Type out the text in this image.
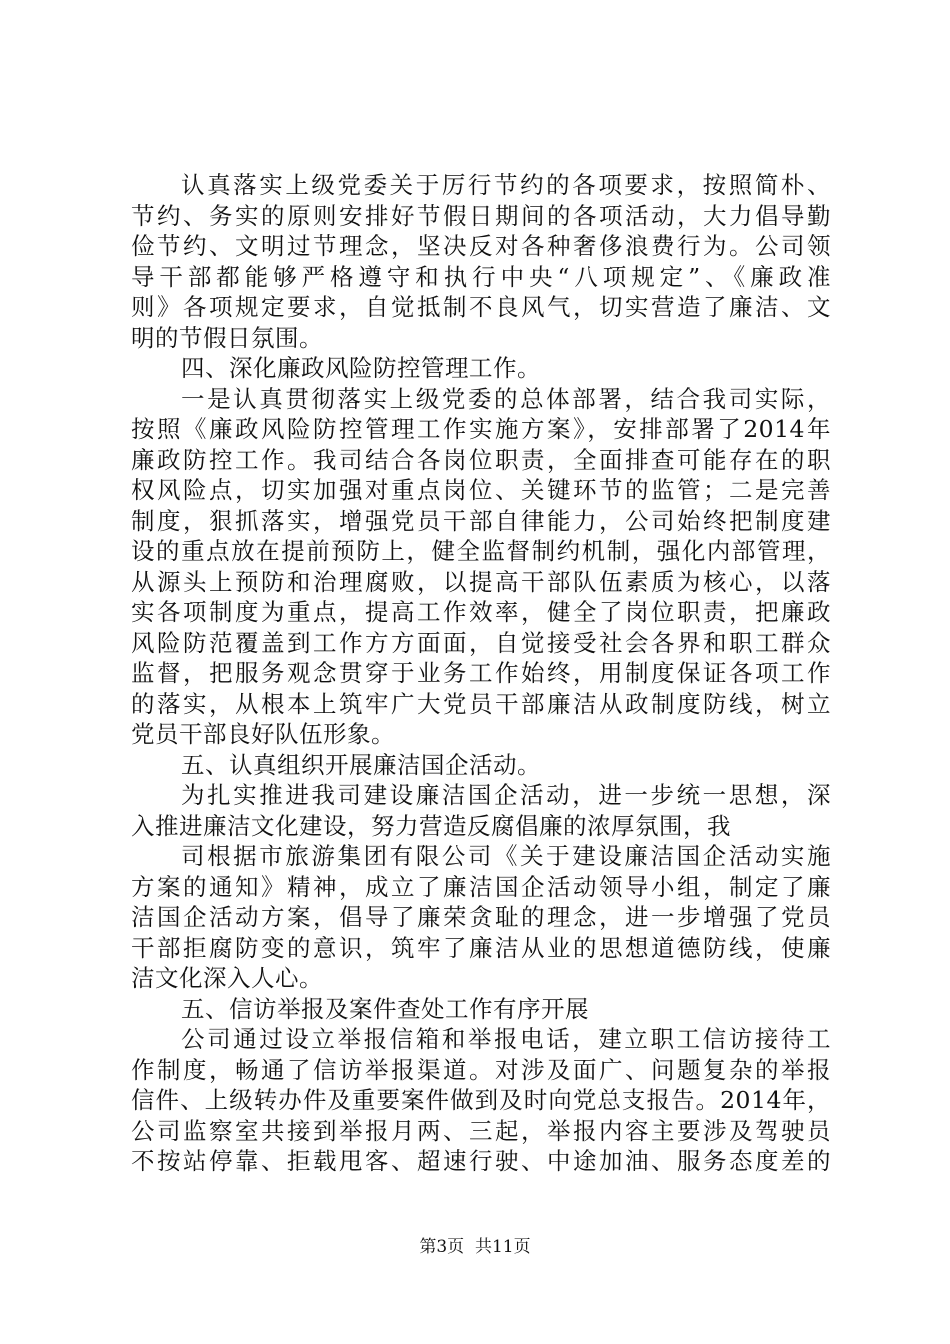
认真落实上级党委关于厉行节约的各项要求，按照简朴、
节约、务实的原则安排好节假日期间的各项活动，大力倡导勤
俭节约、文明过节理念，坚决反对各种奢侈浪费行为。公司领
导干部都能够严格遵守和执行中央“八项规定”、《廉政准
则》各项规定要求，自觉抵制不良风气，切实营造了廉洁、文
明的节假日氛围。
四、深化廉政风险防控管理工作。
一是认真贯彻落实上级党委的总体部署，结合我司实际，
按照《廉政风险防控管理工作实施方案》，安排部署了2014年
廉政防控工作。我司结合各岗位职责，全面排查可能存在的职
权风险点，切实加强对重点岗位、关键环节的监管；二是完善
制度，狠抓落实，增强党员干部自律能力，公司始终把制度建
设的重点放在提前预防上，健全监督制约机制，强化内部管理，
从源头上预防和治理腐败，以提高干部队伍素质为核心，以落
实各项制度为重点，提高工作效率，健全了岗位职责，把廉政
风险防范覆盖到工作方方面面，自觉接受社会各界和职工群众
监督，把服务观念贯穿于业务工作始终，用制度保证各项工作
的落实，从根本上筑牢广大党员干部廉洁从政制度防线，树立
党员干部良好队伍形象。
五、认真组织开展廉洁国企活动。
为扎实推进我司建设廉洁国企活动，进一步统一思想，深
入推进廉洁文化建设，努力营造反腐倡廉的浓厚氛围，我
司根据市旅游集团有限公司《关于建设廉洁国企活动实施
方案的通知》精神，成立了廉洁国企活动领导小组，制定了廉
洁国企活动方案，倡导了廉荣贪耻的理念，进一步增强了党员
干部拒腐防变的意识，筑牢了廉洁从业的思想道德防线，使廉
洁文化深入人心。
五、信访举报及案件查处工作有序开展
公司通过设立举报信箱和举报电话，建立职工信访接待工
作制度，畅通了信访举报渠道。对涉及面广、问题复杂的举报
信件、上级转办件及重要案件做到及时向党总支报告。2014年，
公司监察室共接到举报月两、三起，举报内容主要涉及驾驶员
不按站停靠、拒载甩客、超速行驶、中途加油、服务态度差的
第3页  共11页
